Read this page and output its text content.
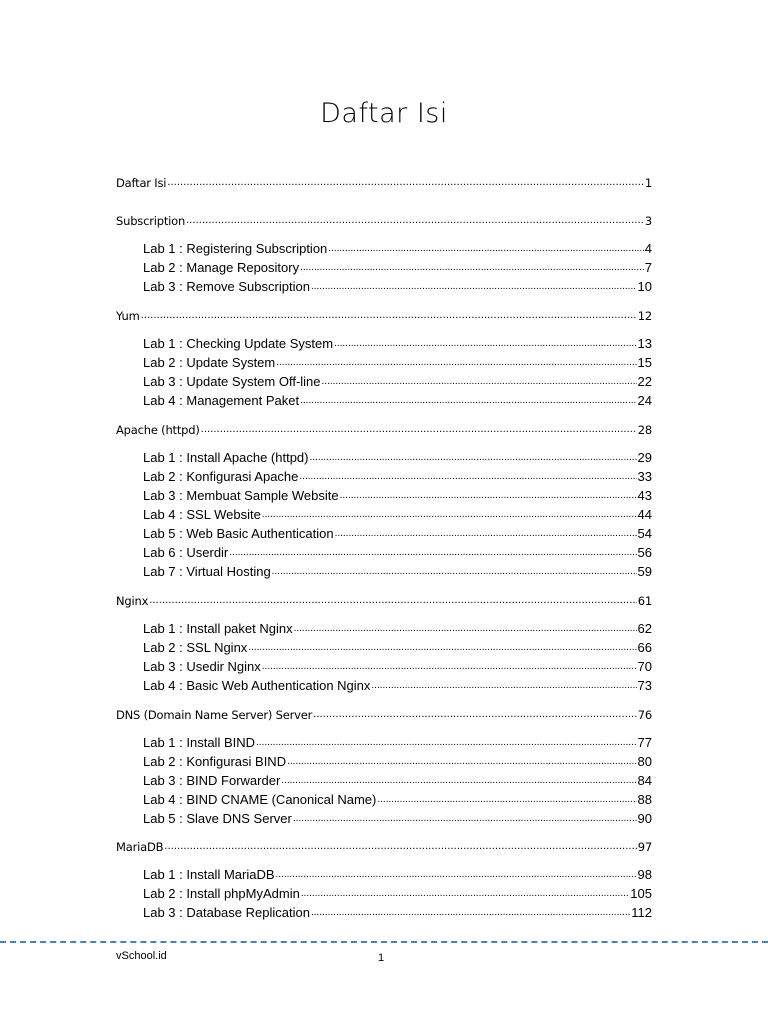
Daftar Isi
Daftar Isi .....	1
Subscription .....	3
Lab 1 : Registering Subscription .....	4
Lab 2 : Manage Repository .....	7
Lab 3 : Remove Subscription .....	10
Yum .....	12
Lab 1 : Checking Update System .....	13
Lab 2 : Update System .....	15
Lab 3 : Update System Off-line .....	22
Lab 4 : Management Paket .....	24
Apache (httpd) .....	28
Lab 1 : Install Apache (httpd) .....	29
Lab 2 : Konfigurasi Apache .....	33
Lab 3 : Membuat Sample Website .....	43
Lab 4 : SSL Website .....	44
Lab 5 : Web Basic Authentication .....	54
Lab 6 : Userdir .....	56
Lab 7 : Virtual Hosting .....	59
Nginx .....	61
Lab 1 : Install paket Nginx .....	62
Lab 2 : SSL Nginx .....	66
Lab 3 : Usedir Nginx .....	70
Lab 4 : Basic Web Authentication Nginx .....	73
DNS (Domain Name Server) Server .....	76
Lab 1 : Install BIND .....	77
Lab 2 : Konfigurasi BIND .....	80
Lab 3 : BIND Forwarder .....	84
Lab 4 : BIND CNAME (Canonical Name) .....	88
Lab 5 : Slave DNS Server .....	90
MariaDB .....	97
Lab 1 : Install MariaDB .....	98
Lab 2 : Install phpMyAdmin .....	105
Lab 3 : Database Replication .....	112
vSchool.id	1
